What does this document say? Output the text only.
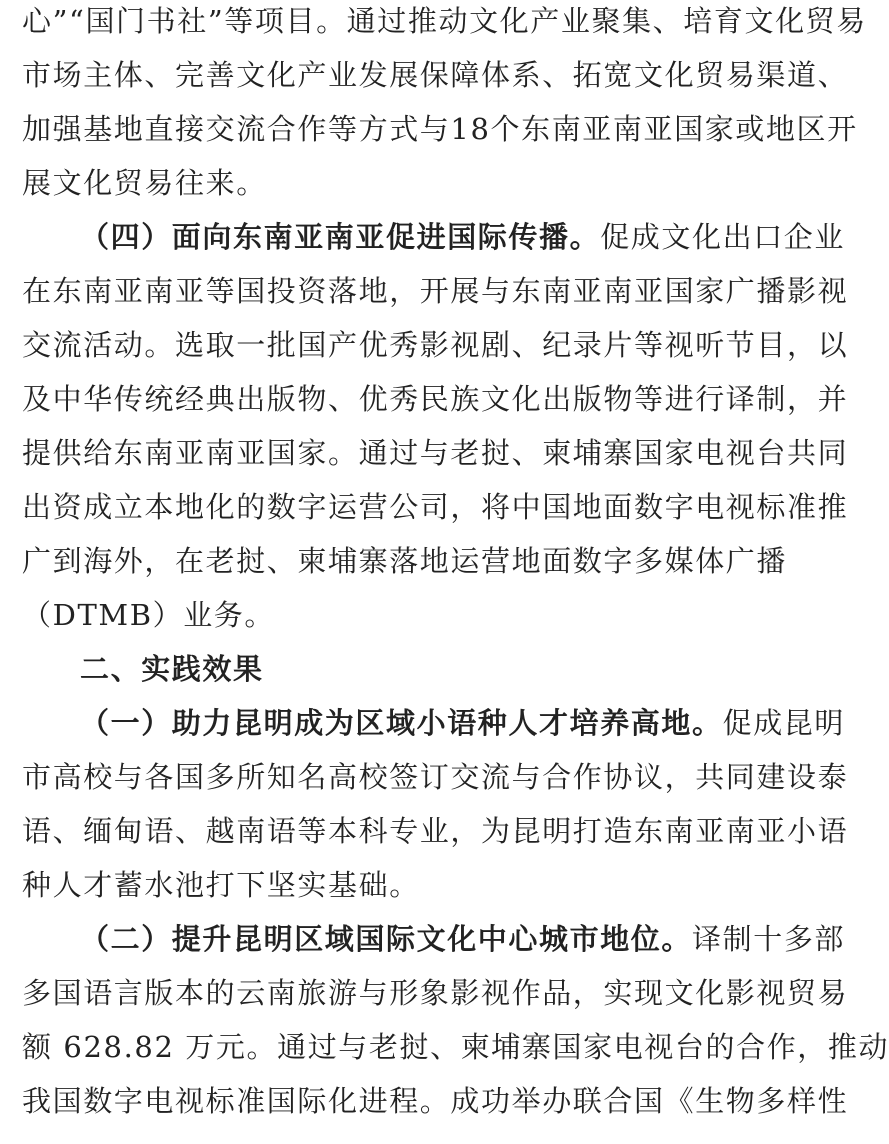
心”“国门书社”等项目。通过推动文化产业聚集、培育文化贸易
市场主体、完善文化产业发展保障体系、拓宽文化贸易渠道、
加强基地直接交流合作等方式与18个东南亚南亚国家或地区开
展文化贸易往来。
（四）面向东南亚南亚促进国际传播。促成文化出口企业
在东南亚南亚等国投资落地，开展与东南亚南亚国家广播影视
交流活动。选取一批国产优秀影视剧、纪录片等视听节目，以
及中华传统经典出版物、优秀民族文化出版物等进行译制，并
提供给东南亚南亚国家。通过与老挝、柬埔寨国家电视台共同
出资成立本地化的数字运营公司，将中国地面数字电视标准推
广到海外，在老挝、柬埔寨落地运营地面数字多媒体广播
（DTMB）业务。
二、实践效果
（一）助力昆明成为区域小语种人才培养高地。促成昆明
市高校与各国多所知名高校签订交流与合作协议，共同建设泰
语、缅甸语、越南语等本科专业，为昆明打造东南亚南亚小语
种人才蓄水池打下坚实基础。
（二）提升昆明区域国际文化中心城市地位。译制十多部
多国语言版本的云南旅游与形象影视作品，实现文化影视贸易
额 628.82 万元。通过与老挝、柬埔寨国家电视台的合作，推动
我国数字电视标准国际化进程。成功举办联合国《生物多样性
